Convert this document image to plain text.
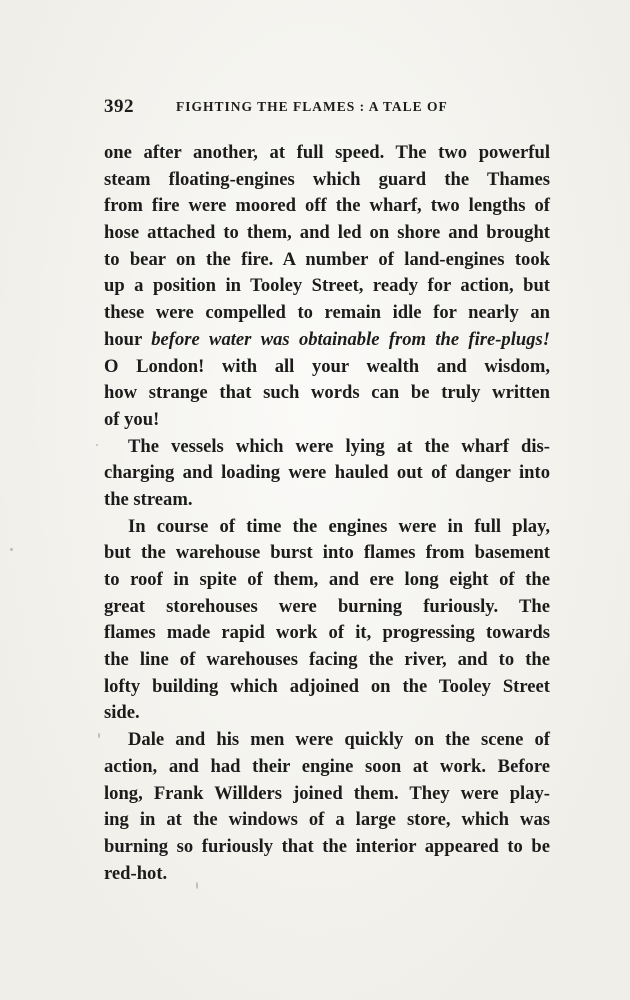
392	FIGHTING THE FLAMES : A TALE OF
one after another, at full speed. The two powerful
steam floating-engines which guard the Thames
from fire were moored off the wharf, two lengths of
hose attached to them, and led on shore and brought
to bear on the fire. A number of land-engines took
up a position in Tooley Street, ready for action, but
these were compelled to remain idle for nearly an
hour before water was obtainable from the fire-plugs!
O London! with all your wealth and wisdom,
how strange that such words can be truly written
of you!
The vessels which were lying at the wharf dis-
charging and loading were hauled out of danger into
the stream.
In course of time the engines were in full play,
but the warehouse burst into flames from basement
to roof in spite of them, and ere long eight of the
great storehouses were burning furiously. The
flames made rapid work of it, progressing towards
the line of warehouses facing the river, and to the
lofty building which adjoined on the Tooley Street
side.
Dale and his men were quickly on the scene of
action, and had their engine soon at work. Before
long, Frank Willders joined them. They were play-
ing in at the windows of a large store, which was
burning so furiously that the interior appeared to be
red-hot.
